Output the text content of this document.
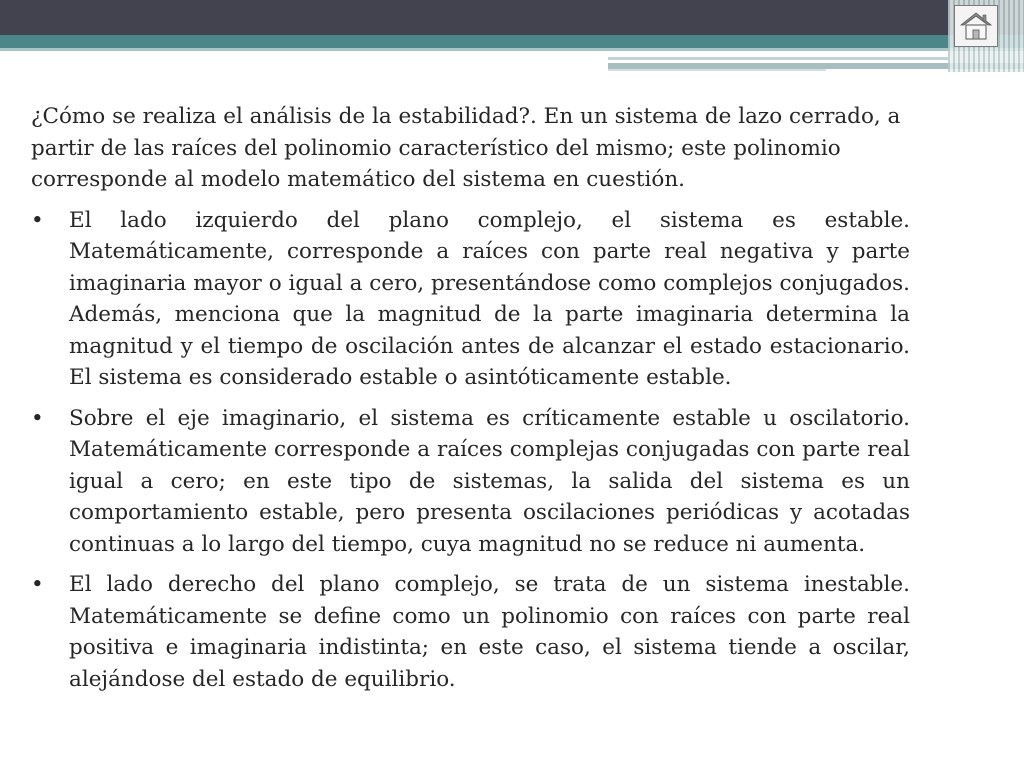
¿Cómo se realiza el análisis de la estabilidad?. En un sistema de lazo cerrado, a partir de las raíces del polinomio característico del mismo; este polinomio corresponde al modelo matemático del sistema en cuestión.

•	El lado izquierdo del plano complejo, el sistema es estable. Matemáticamente, corresponde a raíces con parte real negativa y parte imaginaria mayor o igual a cero, presentándose como complejos conjugados. Además, menciona que la magnitud de la parte imaginaria determina la magnitud y el tiempo de oscilación antes de alcanzar el estado estacionario. El sistema es considerado estable o asintóticamente estable.
•	Sobre el eje imaginario, el sistema es críticamente estable u oscilatorio. Matemáticamente corresponde a raíces complejas conjugadas con parte real igual a cero; en este tipo de sistemas, la salida del sistema es un comportamiento estable, pero presenta oscilaciones periódicas y acotadas continuas a lo largo del tiempo, cuya magnitud no se reduce ni aumenta.
•	El lado derecho del plano complejo, se trata de un sistema inestable. Matemáticamente se define como un polinomio con raíces con parte real positiva e imaginaria indistinta; en este caso, el sistema tiende a oscilar, alejándose del estado de equilibrio.
